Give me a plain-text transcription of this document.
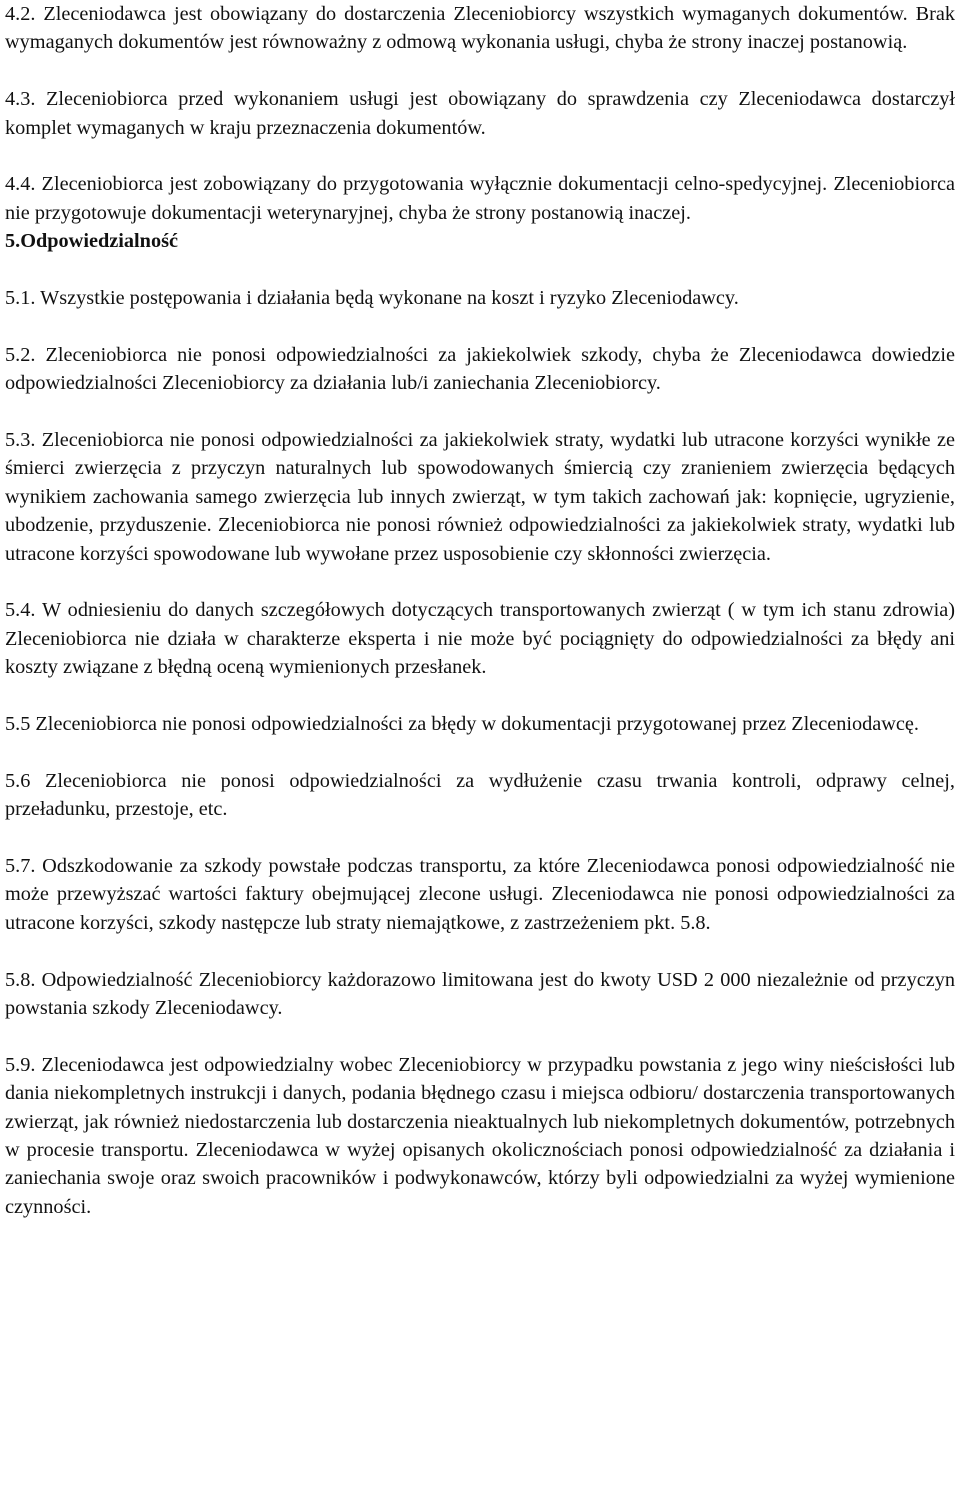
4.2. Zleceniodawca jest obowiązany do dostarczenia Zleceniobiorcy wszystkich wymaganych dokumentów. Brak wymaganych dokumentów jest równoważny z odmową wykonania usługi, chyba że strony inaczej postanowią.

4.3. Zleceniobiorca przed wykonaniem usługi jest obowiązany do sprawdzenia czy Zleceniodawca dostarczył komplet wymaganych w kraju przeznaczenia dokumentów.

4.4. Zleceniobiorca jest zobowiązany do przygotowania wyłącznie dokumentacji celno-spedycyjnej. Zleceniobiorca nie przygotowuje dokumentacji weterynaryjnej, chyba że strony postanowią inaczej.

5.Odpowiedzialność

5.1. Wszystkie postępowania i działania będą wykonane na koszt i ryzyko Zleceniodawcy.

5.2. Zleceniobiorca nie ponosi odpowiedzialności za jakiekolwiek szkody, chyba że Zleceniodawca dowiedzie odpowiedzialności Zleceniobiorcy za działania lub/i zaniechania Zleceniobiorcy.

5.3. Zleceniobiorca nie ponosi odpowiedzialności za jakiekolwiek straty, wydatki lub utracone korzyści wynikłe ze śmierci zwierzęcia z przyczyn naturalnych lub spowodowanych śmiercią czy zranieniem zwierzęcia będących wynikiem zachowania samego zwierzęcia lub innych zwierząt, w tym takich zachowań jak: kopnięcie, ugryzienie, ubodzenie, przyduszenie. Zleceniobiorca nie ponosi również odpowiedzialności za jakiekolwiek straty, wydatki lub utracone korzyści spowodowane lub wywołane przez usposobienie czy skłonności zwierzęcia.

5.4. W odniesieniu do danych szczegółowych dotyczących transportowanych zwierząt ( w tym ich stanu zdrowia) Zleceniobiorca nie działa w charakterze eksperta i nie może być pociągnięty do odpowiedzialności za błędy ani koszty związane z błędną oceną wymienionych przesłanek.

5.5 Zleceniobiorca nie ponosi odpowiedzialności za błędy w dokumentacji przygotowanej przez Zleceniodawcę.

5.6 Zleceniobiorca nie ponosi odpowiedzialności za wydłużenie czasu trwania kontroli, odprawy celnej, przeładunku, przestoje, etc.

5.7. Odszkodowanie za szkody powstałe podczas transportu, za które Zleceniodawca ponosi odpowiedzialność nie może przewyższać wartości faktury obejmującej zlecone usługi. Zleceniodawca nie ponosi odpowiedzialności za utracone korzyści, szkody następcze lub straty niemajątkowe, z zastrzeżeniem pkt. 5.8.

5.8. Odpowiedzialność Zleceniobiorcy każdorazowo limitowana jest do kwoty USD 2 000 niezależnie od przyczyn powstania szkody Zleceniodawcy.

5.9. Zleceniodawca jest odpowiedzialny wobec Zleceniobiorcy w przypadku powstania z jego winy nieścisłości lub dania niekompletnych instrukcji i danych, podania błędnego czasu i miejsca odbioru/ dostarczenia transportowanych zwierząt, jak również niedostarczenia lub dostarczenia nieaktualnych lub niekompletnych dokumentów, potrzebnych w procesie transportu. Zleceniodawca w wyżej opisanych okolicznościach ponosi odpowiedzialność za działania i zaniechania swoje oraz swoich pracowników i podwykonawców, którzy byli odpowiedzialni za wyżej wymienione czynności.
